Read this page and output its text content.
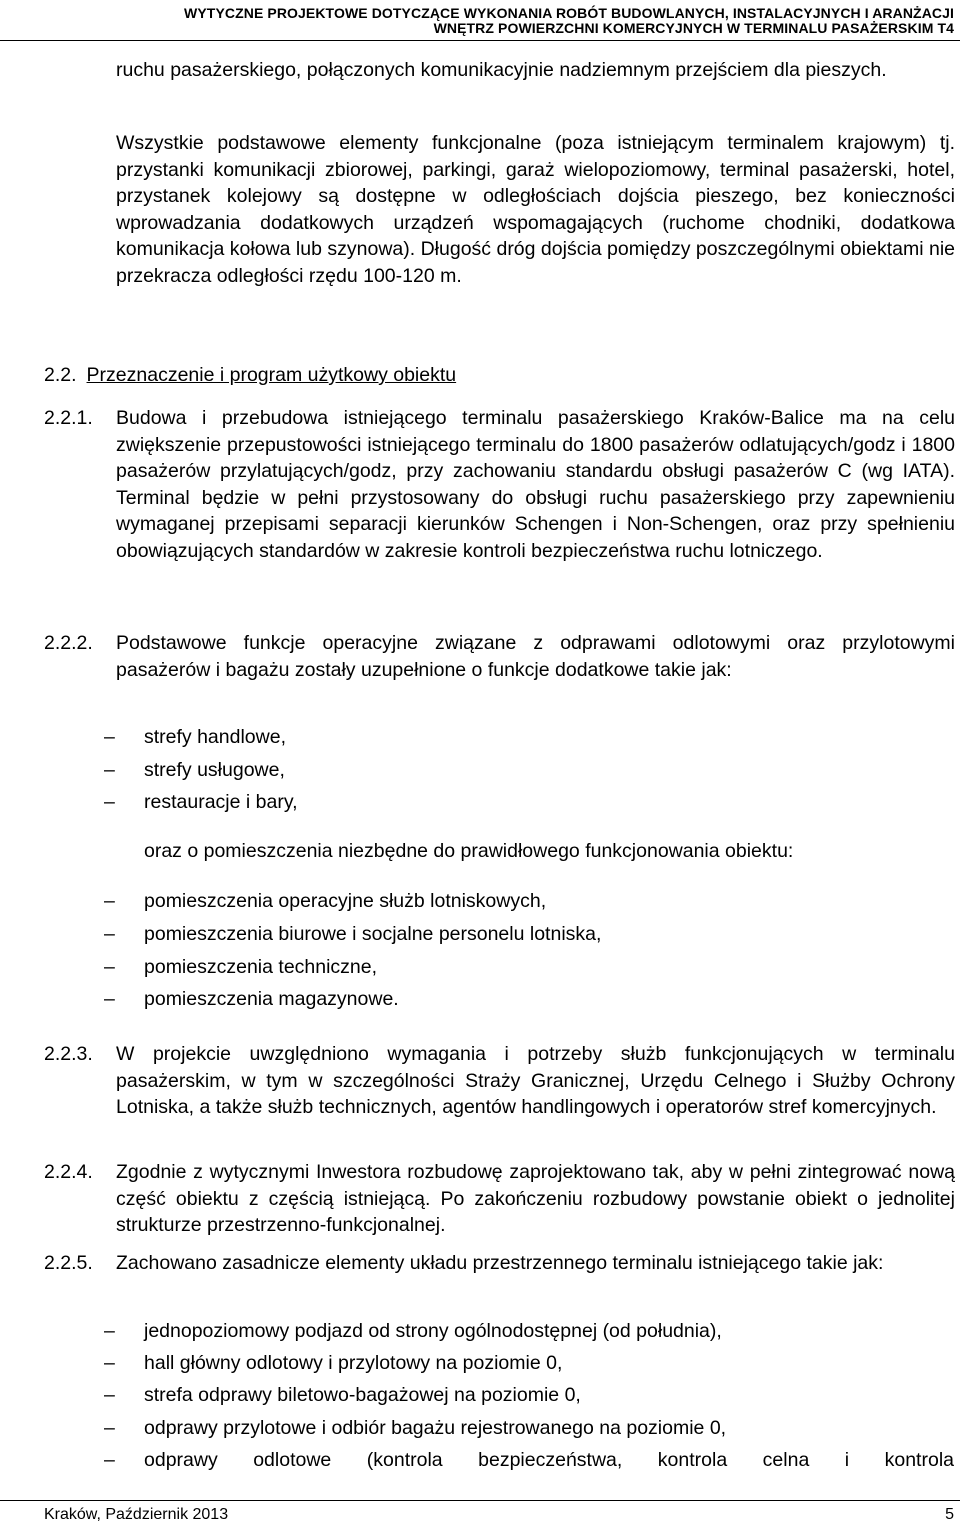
WYTYCZNE PROJEKTOWE DOTYCZĄCE WYKONANIA ROBÓT BUDOWLANYCH, INSTALACYJNYCH I ARANŻACJI
WNĘTRZ POWIERZCHNI KOMERCYJNYCH W TERMINALU PASAŻERSKIM T4
ruchu pasażerskiego, połączonych komunikacyjnie nadziemnym przejściem dla pieszych.
Wszystkie podstawowe elementy funkcjonalne (poza istniejącym terminalem krajowym) tj. przystanki komunikacji zbiorowej, parkingi, garaż wielopoziomowy, terminal pasażerski, hotel, przystanek kolejowy są dostępne w odległościach dojścia pieszego, bez konieczności wprowadzania dodatkowych urządzeń wspomagających (ruchome chodniki, dodatkowa komunikacja kołowa lub szynowa). Długość dróg dojścia pomiędzy poszczególnymi obiektami nie przekracza odległości rzędu 100-120 m.
2.2. Przeznaczenie i program użytkowy obiektu
2.2.1. Budowa i przebudowa istniejącego terminalu pasażerskiego Kraków-Balice ma na celu zwiększenie przepustowości istniejącego terminalu do 1800 pasażerów odlatujących/godz i 1800 pasażerów przylatujących/godz, przy zachowaniu standardu obsługi pasażerów C (wg IATA). Terminal będzie w pełni przystosowany do obsługi ruchu pasażerskiego przy zapewnieniu wymaganej przepisami separacji kierunków Schengen i Non-Schengen, oraz przy spełnieniu obowiązujących standardów w zakresie kontroli bezpieczeństwa ruchu lotniczego.
2.2.2. Podstawowe funkcje operacyjne związane z odprawami odlotowymi oraz przylotowymi pasażerów i bagażu zostały uzupełnione o funkcje dodatkowe takie jak:
– strefy handlowe,
– strefy usługowe,
– restauracje i bary,
oraz o pomieszczenia niezbędne do prawidłowego funkcjonowania obiektu:
– pomieszczenia operacyjne służb lotniskowych,
– pomieszczenia biurowe i socjalne personelu lotniska,
– pomieszczenia techniczne,
– pomieszczenia magazynowe.
2.2.3. W projekcie uwzględniono wymagania i potrzeby służb funkcjonujących w terminalu pasażerskim, w tym w szczególności Straży Granicznej, Urzędu Celnego i Służby Ochrony Lotniska, a także służb technicznych, agentów handlingowych i operatorów stref komercyjnych.
2.2.4. Zgodnie z wytycznymi Inwestora rozbudowę zaprojektowano tak, aby w pełni zintegrować nową część obiektu z częścią istniejącą. Po zakończeniu rozbudowy powstanie obiekt o jednolitej strukturze przestrzenno-funkcjonalnej.
2.2.5. Zachowano zasadnicze elementy układu przestrzennego terminalu istniejącego takie jak:
– jednopoziomowy podjazd od strony ogólnodostępnej (od południa),
– hall główny odlotowy i przylotowy na poziomie 0,
– strefa odprawy biletowo-bagażowej na poziomie 0,
– odprawy przylotowe i odbiór bagażu rejestrowanego na poziomie 0,
– odprawy odlotowe (kontrola bezpieczeństwa, kontrola celna i kontrola
Kraków, Październik 2013	5
